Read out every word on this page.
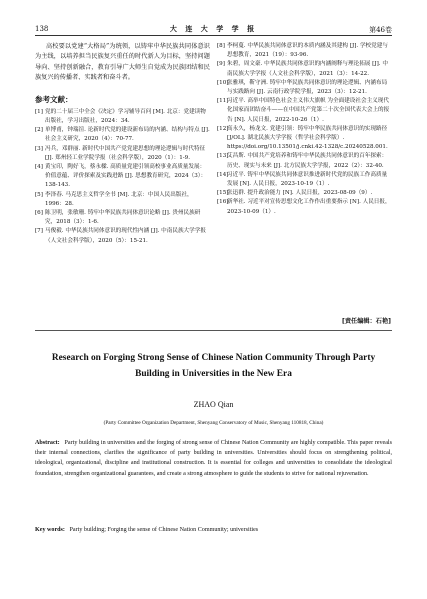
138	大 连 大 学 学 报	第46卷

高校要以党建“大格局”为统领，以铸牢中华民族共同体意识为主线，以培养担当民族复兴重任的时代新人为目标，坚持问题导向、坚持创新融合，教育引导广大师生自觉成为民族团结和民族复兴的传播者、实践者和奋斗者。

参考文献：

[1] 党的二十届三中全会《决定》学习辅导百问 [M]. 北京：党建读物出版社，学习出版社，2024：34.

[2] 单博甫，钟瑞渲. 论新时代党的建设新布局的内涵、结构与特点 [J]. 社会主义研究，2020（4）：70-77.

[3] 冯兵，邓群丽. 新时代中国共产党党建思想的理论逻辑与时代特征 [J]. 郑州轻工业学院学报（社会科学版），2020（1）：1-9.

[4] 黄宝印，陶好飞，蔡永樑. 高质量党建引领高校事业高质量发展：价值意蕴、评价探索及实践进路 [J]. 思想教育研究，2024（3）：138-143.

[5] 李泽春. 马克思主义哲学全书 [M]. 北京：中国人民出版社，1996：28.

[6] 陈卫明，张敏珊. 铸牢中华民族共同体意识论略 [J]. 贵州民族研究，2018（3）：1-6.

[7] 马俊毅. 中华民族共同体意识的现代性内涵 [J]. 中南民族大学学报（人文社会科学版），2020（5）：15-21.

[8] 李柯蔓. 中华民族共同体意识的本质内涵及其建构 [J]. 学校党建与思想教育，2021（19）：93-96.

[9] 朱碧，周文豪. 中华民族共同体意识的内涵阐释与理论拓展 [J]. 中南民族大学学报（人文社会科学版），2021（3）：14-22.

[10]
张雅琪，靳守洲. 铸牢中华民族共同体意识的理论逻辑、内涵布局与实践路向 [J]. 云南行政学院学报，2023（3）：12-21.

[11]
习近平. 高举中国特色社会主义伟大旗帜 为全面建设社会主义现代化国家而团结奋斗——在中国共产党第二十次全国代表大会上的报告 [N]. 人民日报，2022-10-26（1）.

[12]
高永久，杨龙文. 党建引领：铸牢中华民族共同体意识的实现路径 [J/OL]. 湖北民族大学学报（哲学社会科学版）. https://doi.org/10.13501/j.cnki.42-1328/c.20240528.001.

[13]
艾昌斯. 中国共产党培养和铸牢中华民族共同体意识的百年探索：历史、现实与未来 [J]. 北方民族大学学报，2022（2）：32-40.

[14]
习近平. 铸牢中华民族共同体意识推进新时代党的民族工作高质量发展 [N]. 人民日报，2023-10-19（1）.

[15]
张迅群. 提升政治能力 [N]. 人民日报，2023-08-09（9）.

[16]
新华社. 习近平对宣传思想文化工作作出重要指示 [N]. 人民日报，2023-10-09（1）.

[责任编辑：石艳]
Research on Forging Strong Sense of Chinese Nation Community Through Party Building in Universities in the New Era
ZHAO Qian
(Party Committee Organization Department, Shenyang Conservatory of Music, Shenyang 110818, China)

Abstract: Party building in universities and the forging of strong sense of Chinese Nation Community are highly compatible. This paper reveals their internal connections, clarifies the significance of party building in universities. Universities should focus on strengthening political, ideological, organizational, discipline and institutional construction. It is essential for colleges and universities to consolidate the ideological foundation, strengthen organizational guarantees, and create a strong atmosphere to guide the students to strive for national rejuvenation.

Key words: Party building; Forging the sense of Chinese Nation Community; universities
